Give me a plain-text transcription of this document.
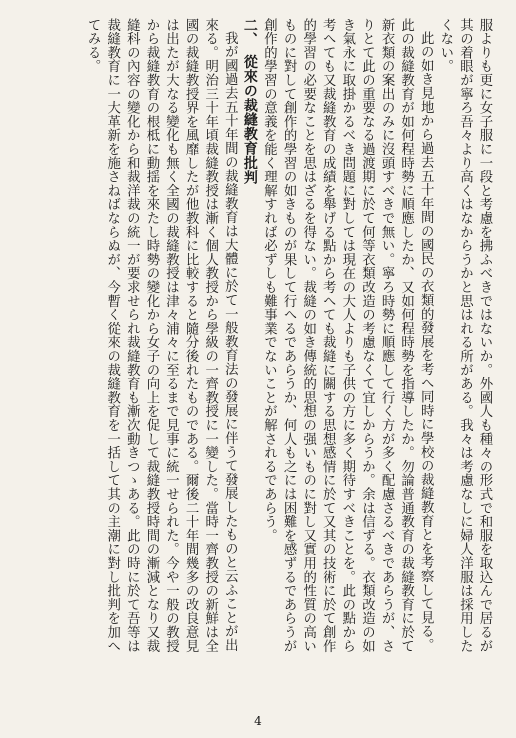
服よりも更に女子服に一段と考慮を拂ふべきではないか。外國人も種々の形式で和服を取込んで居るが其の着眼が寧ろ吾々より高くはなからうかと思はれる所がある。我々は考慮なしに婦人洋服は採用したくない。

此の如き見地から過去五十年間の國民の衣類的發展を考へ同時に學校の裁縫教育とを考察して見る。此の裁縫教育が如何程時勢に順應したか、又如何程時勢を指導したか。勿論普通教育の裁縫教育に於て新衣類の案出のみに沒頭すべきで無い。寧ろ時勢に順應して行く方が多く配慮さるべきであらうが、さりとて此の重要なる過渡期に於て何等衣類改造の考慮なくて宜しからうか。余は信ずる。衣類改造の如き氣永に取掛かるべき問題に對しては現在の大人よりも子供の方に多く期待すべきことを。此の點から考へても又裁縫教育の成績を舉げる點から考へても裁縫に關する思想感情に於て又其の技術に於て創作的學習の必要なことを思はざるを得ない。裁縫の如き傳統的思想の强いものに對し又實用的性質の高いものに對して創作的學習の如きものが果して行へるであらうか、何人も之には困難を感ずるであらうが創作的學習の意義を能く理解すれば必ずしも難事業でないことが解されるであらう。

二、從來の裁縫教育批判

我が國過去五十年間の裁縫教育は大體に於て一般教育法の發展に伴うて發展したものと云ふことが出來る。明治三十年頃裁縫教授は漸く個人教授から學級の一齊教授に一變した。當時一齊教授の新鮮は全國の裁縫教授界を風靡したが他教科に比較すると隨分後れたものである。爾後二十年間幾多の改良意見は出たが大なる變化も無く全國の裁縫教授は津々浦々に至るまで見事に統一せられた。今や一般の教授から裁縫教育の根柢に動揺を來たし時勢の變化から女子の向上を促して裁縫教授時間の漸減となり又裁縫科の內容の變化から和裁洋裁の統一が要求せられ裁縫教育も漸次動きつゝある。此の時に於て吾等は裁縫教育に一大革新を施さねばならぬが、今暫く從來の裁縫教育を一括して其の主潮に對し批判を加へてみる。

4
